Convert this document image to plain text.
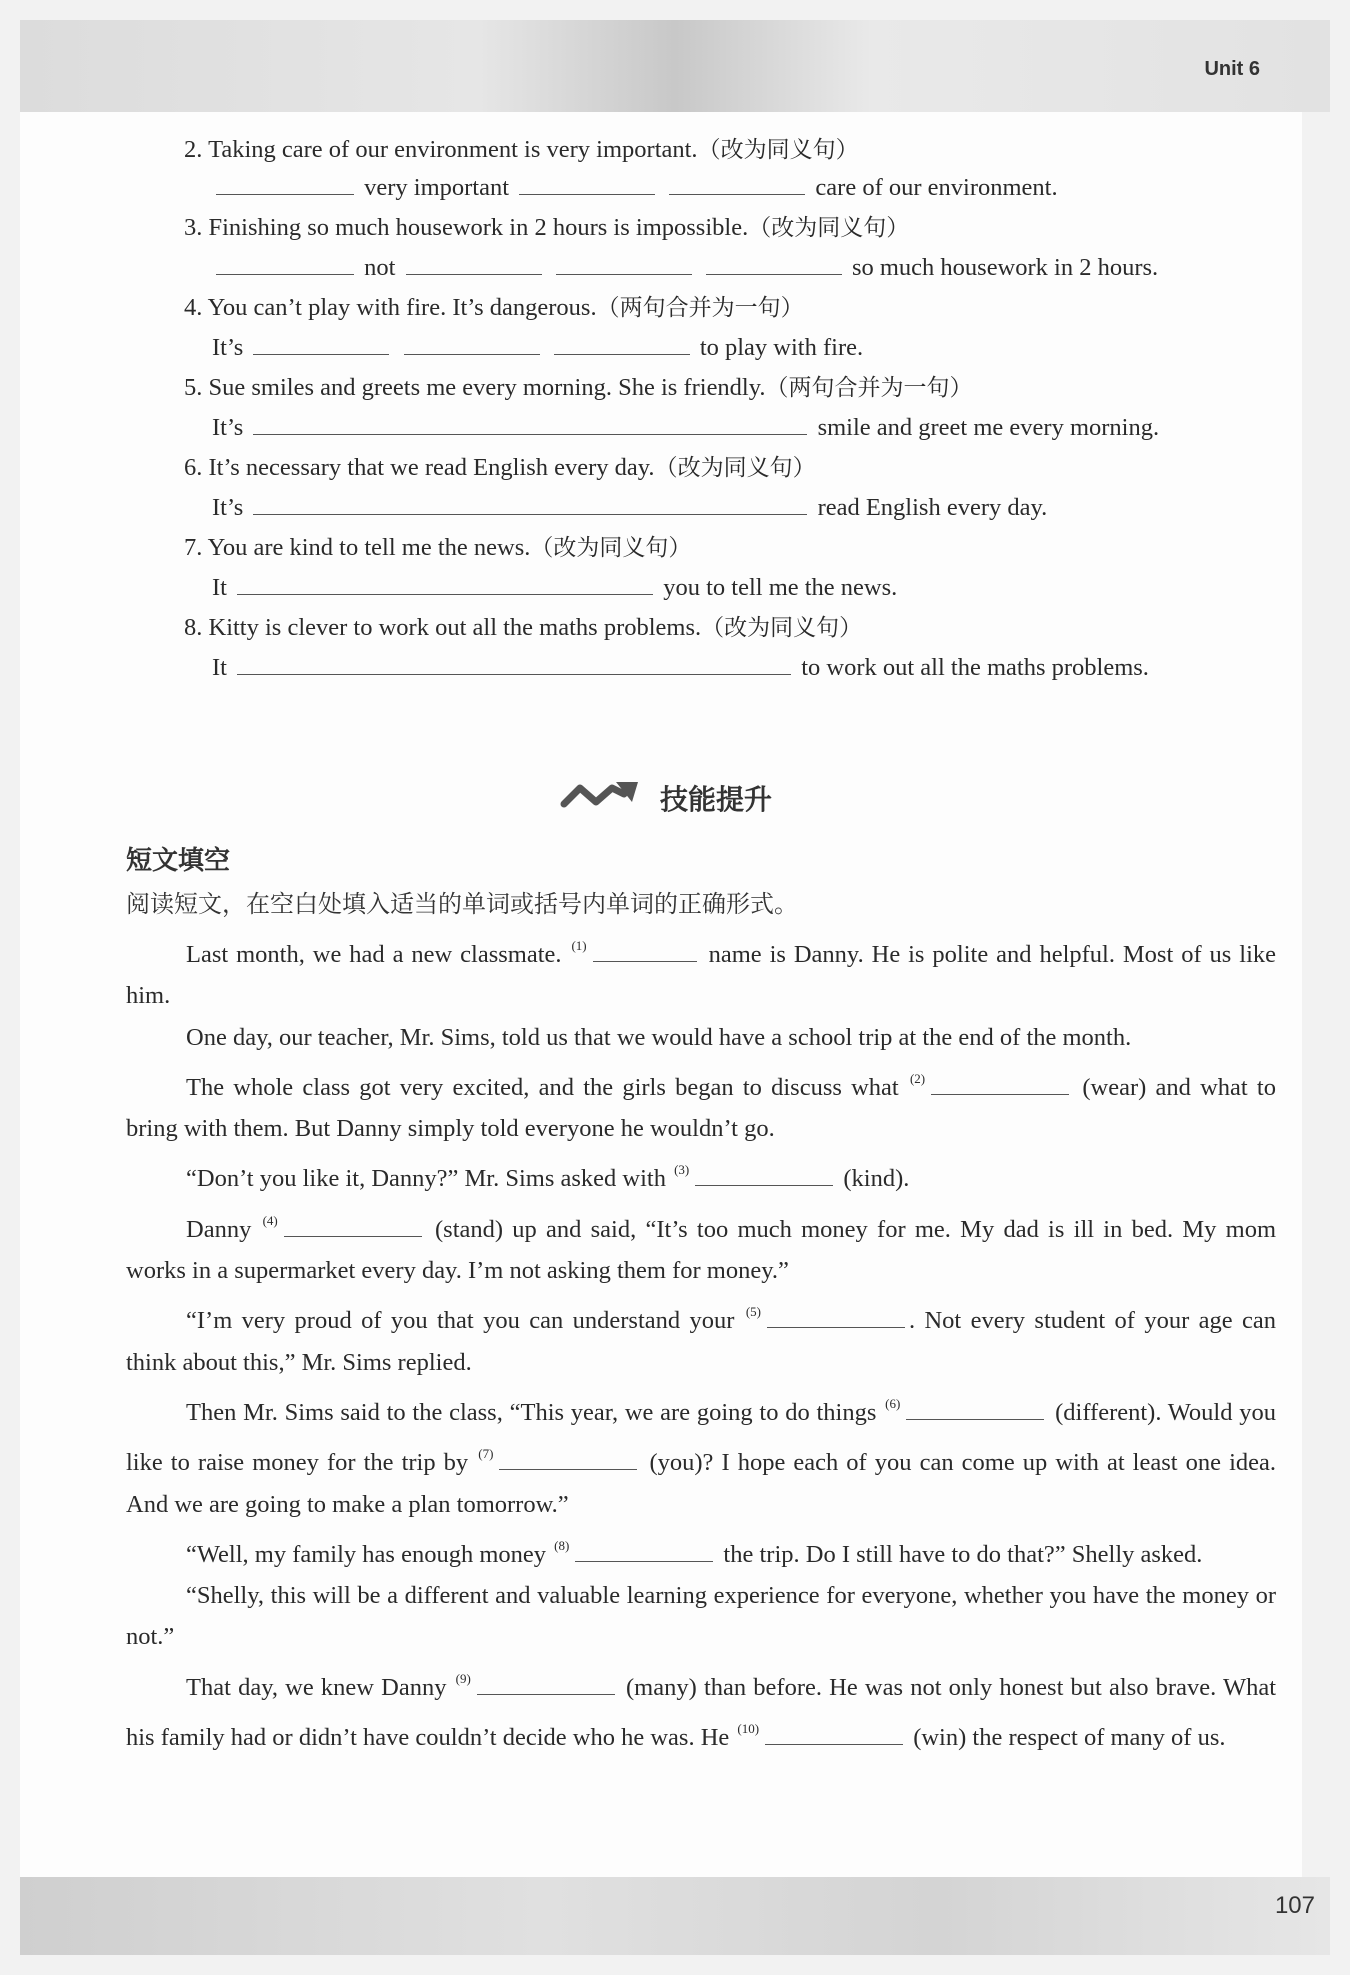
Unit 6
107
2. Taking care of our environment is very important.（改为同义句）
very important	care of our environment.
3. Finishing so much housework in 2 hours is impossible.（改为同义句）
not	so much housework in 2 hours.
4. You can’t play with fire. It’s dangerous.（两句合并为一句）
It’s	to play with fire.
5. Sue smiles and greets me every morning. She is friendly.（两句合并为一句）
It’s	smile and greet me every morning.
6. It’s necessary that we read English every day.（改为同义句）
It’s	read English every day.
7. You are kind to tell me the news.（改为同义句）
It	you to tell me the news.
8. Kitty is clever to work out all the maths problems.（改为同义句）
It	to work out all the maths problems.
技能提升
短文填空
阅读短文，在空白处填入适当的单词或括号内单词的正确形式。

Last month, we had a new classmate. $^{(1)}$	name is Danny. He is polite and helpful. Most of us like him.

One day, our teacher, Mr. Sims, told us that we would have a school trip at the end of the month.

The whole class got very excited, and the girls began to discuss what $^{(2)}$	(wear) and what to bring with them. But Danny simply told everyone he wouldn’t go.

“Don’t you like it, Danny?” Mr. Sims asked with $^{(3)}$	(kind).

Danny $^{(4)}$	(stand) up and said, “It’s too much money for me. My dad is ill in bed. My mom works in a supermarket every day. I’m not asking them for money.”

“I’m very proud of you that you can understand your $^{(5)}$	. Not every student of your age can think about this,” Mr. Sims replied.

Then Mr. Sims said to the class, “This year, we are going to do things $^{(6)}$	(different). Would you like to raise money for the trip by $^{(7)}$	(you)? I hope each of you can come up with at least one idea. And we are going to make a plan tomorrow.”

“Well, my family has enough money $^{(8)}$	the trip. Do I still have to do that?” Shelly asked.

“Shelly, this will be a different and valuable learning experience for everyone, whether you have the money or not.”

That day, we knew Danny $^{(9)}$	(many) than before. He was not only honest but also brave. What his family had or didn’t have couldn’t decide who he was. He $^{(10)}$	(win) the respect of many of us.
